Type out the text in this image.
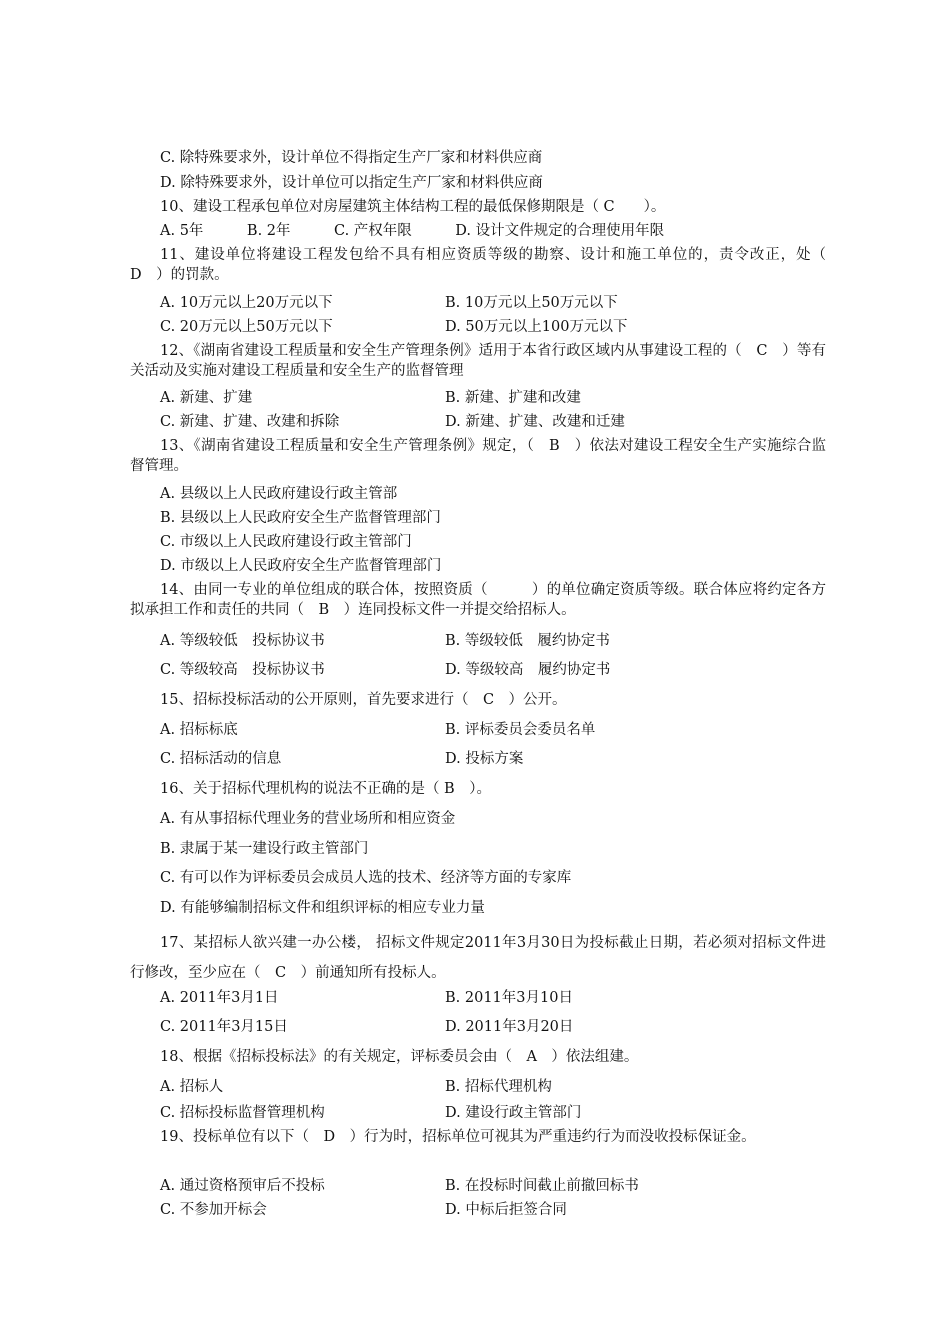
C. 除特殊要求外，设计单位不得指定生产厂家和材料供应商
D. 除特殊要求外，设计单位可以指定生产厂家和材料供应商
10、建设工程承包单位对房屋建筑主体结构工程的最低保修期限是（ C　　）。
A. 5年　　　B. 2年　　　C. 产权年限　　　D. 设计文件规定的合理使用年限
11、建设单位将建设工程发包给不具有相应资质等级的勘察、设计和施工单位的，责令改正，处（　D　）的罚款。
A. 10万元以上20万元以下	B. 10万元以上50万元以下
C. 20万元以上50万元以下	D. 50万元以上100万元以下
12、《湖南省建设工程质量和安全生产管理条例》适用于本省行政区域内从事建设工程的（　C　）等有关活动及实施对建设工程质量和安全生产的监督管理
A. 新建、扩建	B. 新建、扩建和改建
C. 新建、扩建、改建和拆除	D. 新建、扩建、改建和迁建
13、《湖南省建设工程质量和安全生产管理条例》规定，（　B　）依法对建设工程安全生产实施综合监督管理。
A. 县级以上人民政府建设行政主管部
B. 县级以上人民政府安全生产监督管理部门
C. 市级以上人民政府建设行政主管部门
D. 市级以上人民政府安全生产监督管理部门
14、由同一专业的单位组成的联合体，按照资质（　　　）的单位确定资质等级。联合体应将约定各方拟承担工作和责任的共同（　B　）连同投标文件一并提交给招标人。
A. 等级较低　投标协议书	B. 等级较低　履约协定书
C. 等级较高　投标协议书	D. 等级较高　履约协定书
15、招标投标活动的公开原则，首先要求进行（　C　）公开。
A. 招标标底	B. 评标委员会委员名单
C. 招标活动的信息	D. 投标方案
16、关于招标代理机构的说法不正确的是（ B　）。
A. 有从事招标代理业务的营业场所和相应资金
B. 隶属于某一建设行政主管部门
C. 有可以作为评标委员会成员人选的技术、经济等方面的专家库
D. 有能够编制招标文件和组织评标的相应专业力量
17、某招标人欲兴建一办公楼， 招标文件规定2011年3月30日为投标截止日期，若必须对招标文件进行修改，至少应在（　C　）前通知所有投标人。
A. 2011年3月1日	B. 2011年3月10日
C. 2011年3月15日	D. 2011年3月20日
18、根据《招标投标法》的有关规定，评标委员会由（　A　）依法组建。
A. 招标人	B. 招标代理机构
C. 招标投标监督管理机构	D. 建设行政主管部门
19、投标单位有以下（　D　）行为时，招标单位可视其为严重违约行为而没收投标保证金。
A. 通过资格预审后不投标	B. 在投标时间截止前撤回标书
C. 不参加开标会	D. 中标后拒签合同
